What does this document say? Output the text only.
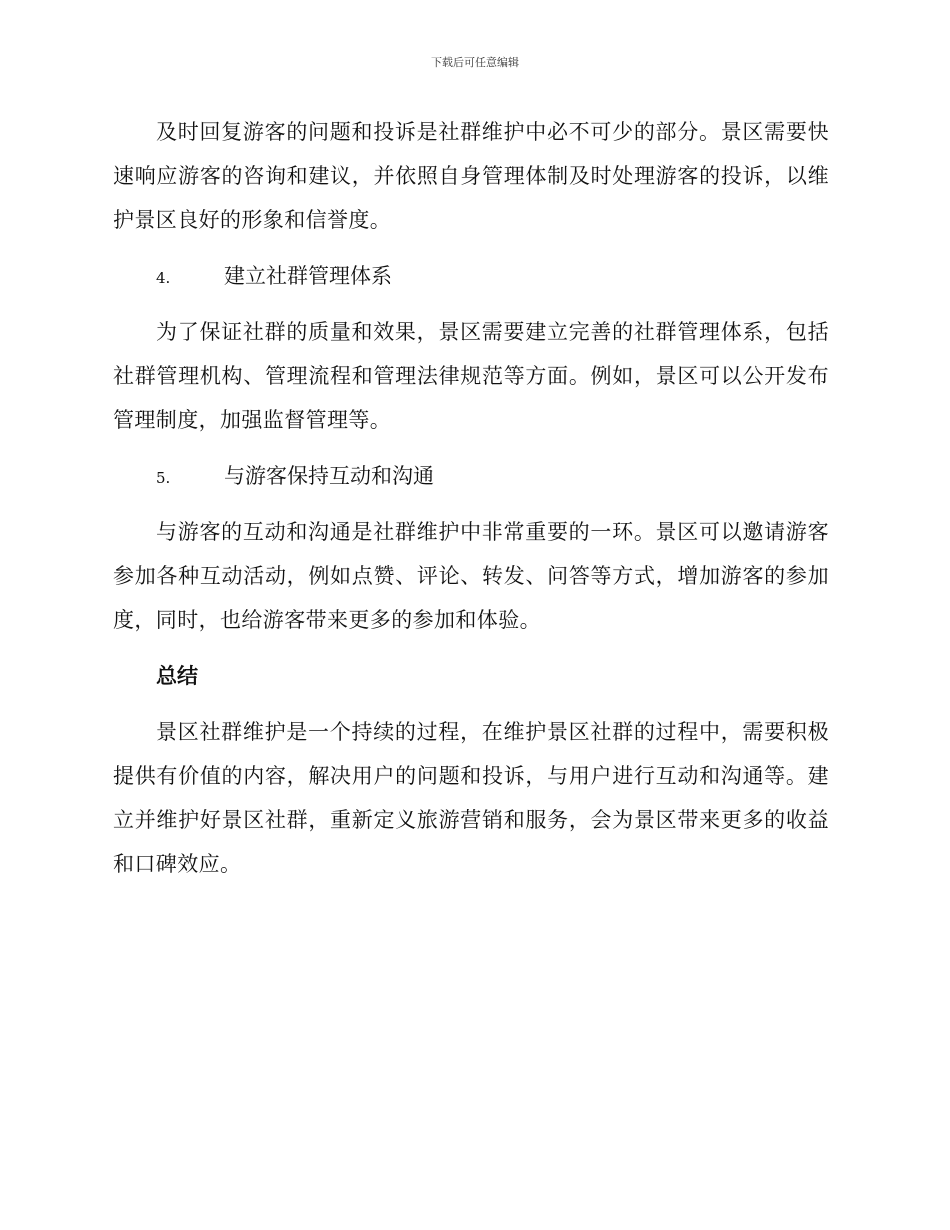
下载后可任意编辑

及时回复游客的问题和投诉是社群维护中必不可少的部分。景区需要快速响应游客的咨询和建议，并依照自身管理体制及时处理游客的投诉，以维护景区良好的形象和信誉度。

4.	建立社群管理体系

为了保证社群的质量和效果，景区需要建立完善的社群管理体系，包括社群管理机构、管理流程和管理法律规范等方面。例如，景区可以公开发布管理制度，加强监督管理等。

5.	与游客保持互动和沟通

与游客的互动和沟通是社群维护中非常重要的一环。景区可以邀请游客参加各种互动活动，例如点赞、评论、转发、问答等方式，增加游客的参加度，同时，也给游客带来更多的参加和体验。

总结

景区社群维护是一个持续的过程，在维护景区社群的过程中，需要积极提供有价值的内容，解决用户的问题和投诉，与用户进行互动和沟通等。建立并维护好景区社群，重新定义旅游营销和服务，会为景区带来更多的收益和口碑效应。
